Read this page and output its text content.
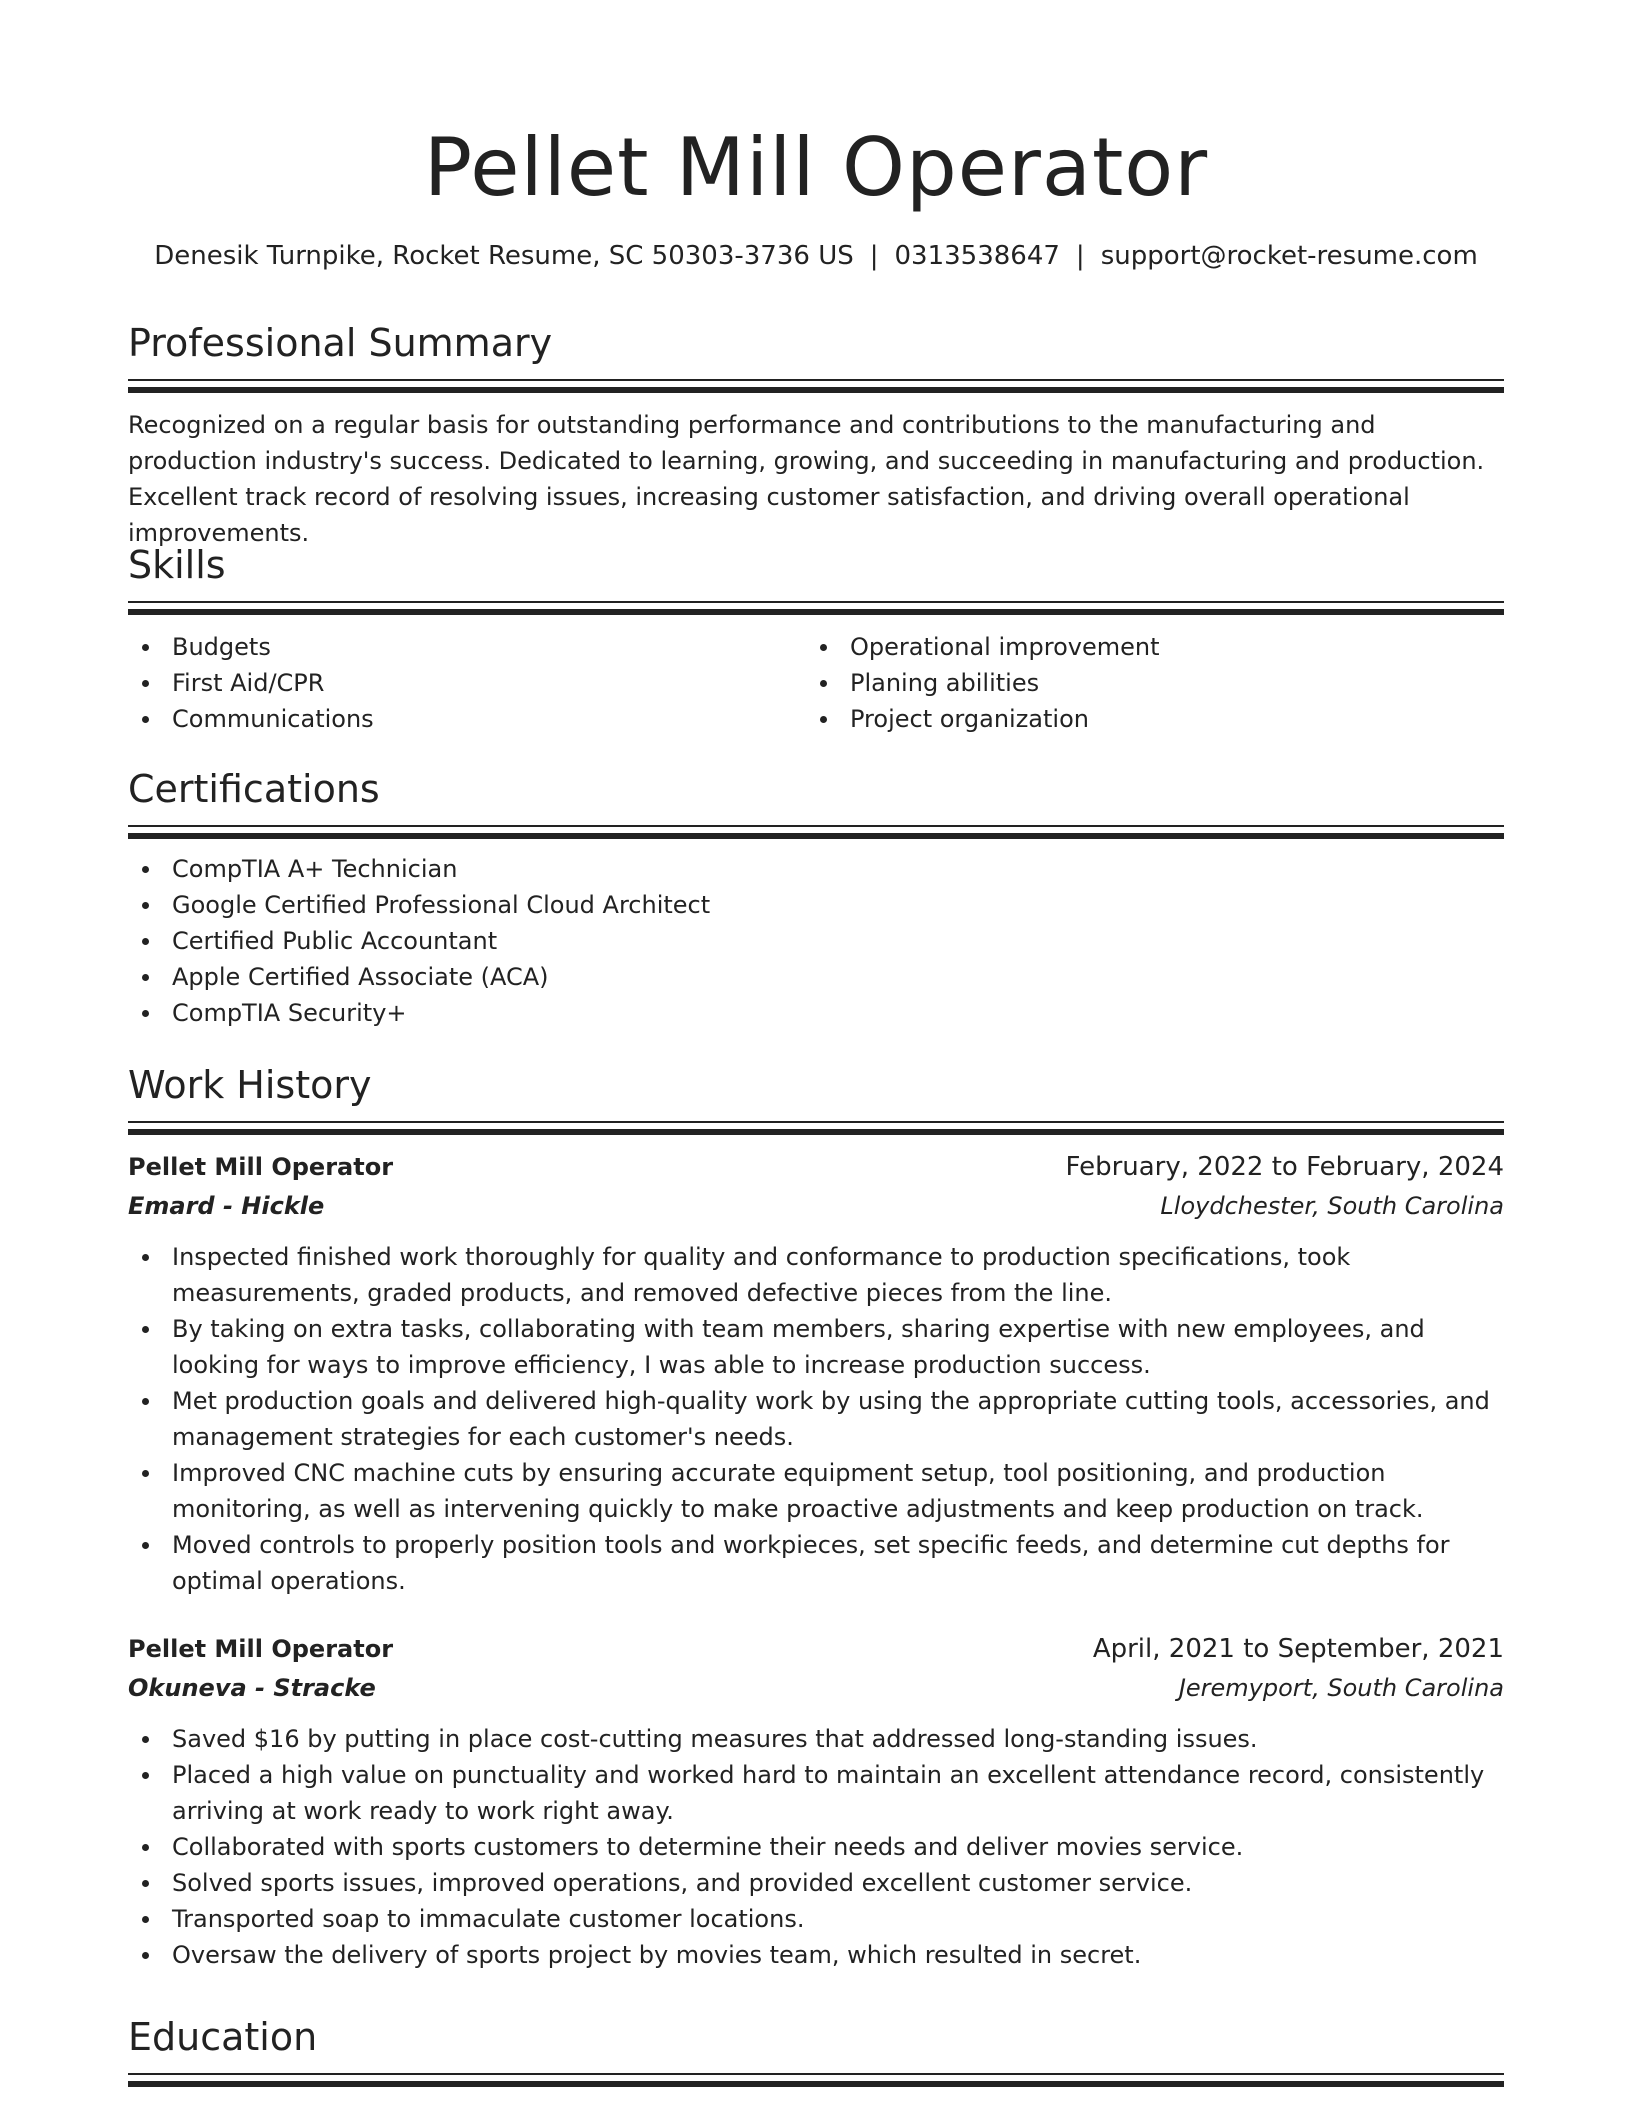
Pellet Mill Operator
Denesik Turnpike, Rocket Resume, SC 50303-3736 US | 0313538647 | support@rocket-resume.com
Professional Summary

Recognized on a regular basis for outstanding performance and contributions to the manufacturing and production industry's success. Dedicated to learning, growing, and succeeding in manufacturing and production. Excellent track record of resolving issues, increasing customer satisfaction, and driving overall operational improvements.

Skills
Budgets
First Aid/CPR
Communications
Operational improvement
Planing abilities
Project organization
Certifications
CompTIA A+ Technician
Google Certified Professional Cloud Architect
Certified Public Accountant
Apple Certified Associate (ACA)
CompTIA Security+
Work History
Pellet Mill Operator	February, 2022 to February, 2024
Emard - Hickle	Lloydchester, South Carolina
Inspected finished work thoroughly for quality and conformance to production specifications, took measurements, graded products, and removed defective pieces from the line.
By taking on extra tasks, collaborating with team members, sharing expertise with new employees, and looking for ways to improve efficiency, I was able to increase production success.
Met production goals and delivered high-quality work by using the appropriate cutting tools, accessories, and management strategies for each customer's needs.
Improved CNC machine cuts by ensuring accurate equipment setup, tool positioning, and production monitoring, as well as intervening quickly to make proactive adjustments and keep production on track.
Moved controls to properly position tools and workpieces, set specific feeds, and determine cut depths for optimal operations.
Pellet Mill Operator	April, 2021 to September, 2021
Okuneva - Stracke	Jeremyport, South Carolina
Saved $16 by putting in place cost-cutting measures that addressed long-standing issues.
Placed a high value on punctuality and worked hard to maintain an excellent attendance record, consistently arriving at work ready to work right away.
Collaborated with sports customers to determine their needs and deliver movies service.
Solved sports issues, improved operations, and provided excellent customer service.
Transported soap to immaculate customer locations.
Oversaw the delivery of sports project by movies team, which resulted in secret.
Education
